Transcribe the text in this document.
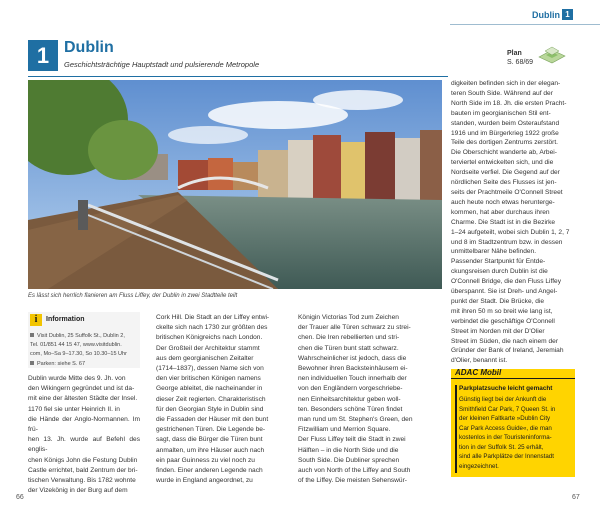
Dublin 1
1 Dublin
Geschichtsträchtige Hauptstadt und pulsierende Metropole
Plan
S. 68/69
Es lässt sich herrlich flanieren am Fluss Liffey, der Dublin in zwei Stadtteile teilt
i	Information
Visit Dublin, 25 Suffolk St., Dublin 2,
Tel. 01/851 44 15 47, www.visitdublin.
com, Mo–Sa 9–17.30, So 10.30–15 Uhr
Parken: siehe S. 67

Dublin wurde Mitte des 9. Jh. von

den Wikingern gegründet und ist da-

mit eine der ältesten Städte der Insel.

1170 fiel sie unter Heinrich II. in

die Hände der Anglo-Normannen. Im frü-

hen 13. Jh. wurde auf Befehl des englis-

chen Königs John die Festung Dublin

Castle errichtet, bald Zentrum der bri-

tischen Verwaltung. Bis 1782 wohnte

der Vizekönig in der Burg auf dem

Cork Hill. Die Stadt an der Liffey entwi-

ckelte sich nach 1730 zur größten des

britischen Königreichs nach London.

Der Großteil der Architektur stammt

aus dem georgianischen Zeitalter

(1714–1837), dessen Name sich von

den vier britischen Königen namens

George ableitet, die nacheinander in

dieser Zeit regierten. Charakteristisch

für den Georgian Style in Dublin sind

die Fassaden der Häuser mit den bunt

gestrichenen Türen. Die Legende be-

sagt, dass die Bürger die Türen bunt

anmalten, um ihre Häuser auch nach

ein paar Guinness zu viel noch zu

finden. Einer anderen Legende nach

wurde in England angeordnet, zu

Königin Victorias Tod zum Zeichen

der Trauer alle Türen schwarz zu strei-

chen. Die Iren rebellierten und stri-

chen die Türen bunt statt schwarz.

Wahrscheinlicher ist jedoch, dass die

Bewohner ihren Backsteinhäusern ei-

nen individuellen Touch innerhalb der

von den Engländern vorgeschriebe-

nen Einheitsarchitektur geben woll-

ten. Besonders schöne Türen findet

man rund um St. Stephen's Green, den

Fitzwilliam und Merrion Square.

Der Fluss Liffey teilt die Stadt in zwei

Hälften – in die North Side und die

South Side. Die Dubliner sprechen

auch von North of the Liffey and South

of the Liffey. Die meisten Sehenswür-

digkeiten befinden sich in der elegan-

teren South Side. Während auf der

North Side im 18. Jh. die ersten Pracht-

bauten im georgianischen Stil ent-

standen, wurden beim Osteraufstand

1916 und im Bürgerkrieg 1922 große

Teile des dortigen Zentrums zerstört.

Die Oberschicht wanderte ab, Arbei-

terviertel entwickelten sich, und die

Nordseite verfiel. Die Gegend auf der

nördlichen Seite des Flusses ist jen-

seits der Prachtmeile O'Connell Street

auch heute noch etwas herunterge-

kommen, hat aber durchaus ihren

Charme. Die Stadt ist in die Bezirke

1–24 aufgeteilt, wobei sich Dublin 1, 2, 7

und 8 im Stadtzentrum bzw. in dessen

unmittelbarer Nähe befinden.

Passender Startpunkt für Entde-

ckungsreisen durch Dublin ist die

O'Connell Bridge, die den Fluss Liffey

überspannt. Sie ist Dreh- und Angel-

punkt der Stadt. Die Brücke, die

mit ihren 50 m so breit wie lang ist,

verbindet die geschäftige O'Connell

Street im Norden mit der D'Olier

Street im Süden, die nach einem der

Gründer der Bank of Ireland, Jeremiah

d'Olier, benannt ist.

ADAC Mobil
Parkplatzsuche leicht gemacht
Günstig liegt bei der Ankunft die
Smithfield Car Park, 7 Queen St. in
der kleinen Faltkarte »Dublin City
Car Park Access Guide«, die man
kostenlos in der Touristeninforma-
tion in der Suffolk St. 25 erhält,
sind alle Parkplätze der Innenstadt
eingezeichnet.
66	67
